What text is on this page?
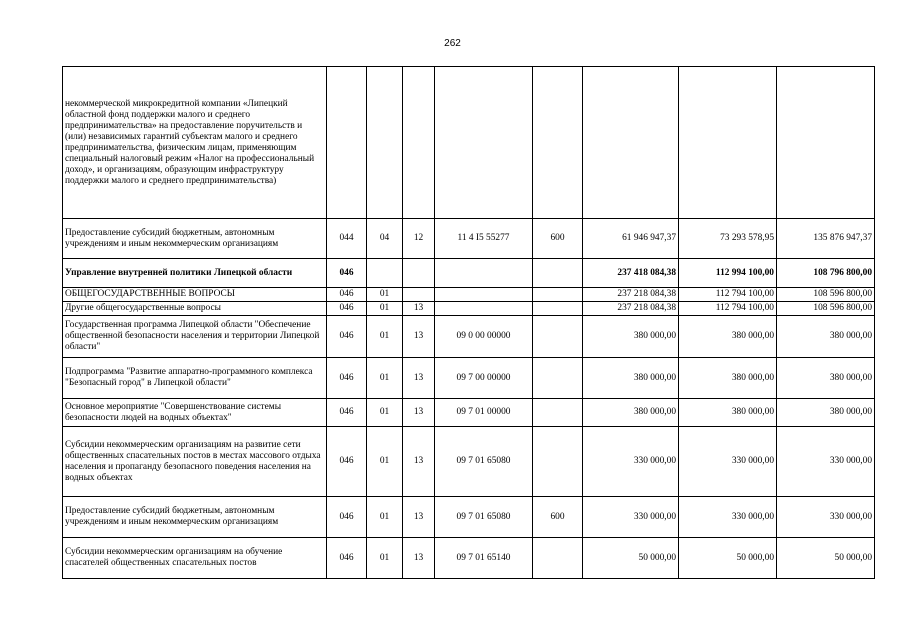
262
некоммерческой микрокредитной компании «Липецкий областной фонд поддержки малого и среднего предпринимательства» на предоставление поручительств и (или) независимых гарантий субъектам малого и среднего предпринимательства, физическим лицам, применяющим специальный налоговый режим «Налог на профессиональный доход», и организациям, образующим инфраструктуру поддержки малого и среднего предпринимательства)								
Предоставление субсидий бюджетным, автономным учреждениям и иным некоммерческим организациям	044	04	12	11 4 I5 55277	600	61 946 947,37	73 293 578,95	135 876 947,37
Управление внутренней политики Липецкой области	046					237 418 084,38	112 994 100,00	108 796 800,00
ОБЩЕГОСУДАРСТВЕННЫЕ ВОПРОСЫ	046	01				237 218 084,38	112 794 100,00	108 596 800,00
Другие общегосударственные вопросы	046	01	13			237 218 084,38	112 794 100,00	108 596 800,00
Государственная программа Липецкой области "Обеспечение общественной безопасности населения и территории Липецкой области"	046	01	13	09 0 00 00000		380 000,00	380 000,00	380 000,00
Подпрограмма "Развитие аппаратно-программного комплекса "Безопасный город" в Липецкой области"	046	01	13	09 7 00 00000		380 000,00	380 000,00	380 000,00
Основное мероприятие "Совершенствование системы безопасности людей на водных объектах"	046	01	13	09 7 01 00000		380 000,00	380 000,00	380 000,00
Субсидии некоммерческим организациям на развитие сети общественных спасательных постов в местах массового отдыха населения и пропаганду безопасного поведения населения на водных объектах	046	01	13	09 7 01 65080		330 000,00	330 000,00	330 000,00
Предоставление субсидий бюджетным, автономным учреждениям и иным некоммерческим организациям	046	01	13	09 7 01 65080	600	330 000,00	330 000,00	330 000,00
Субсидии некоммерческим организациям на обучение спасателей общественных спасательных постов	046	01	13	09 7 01 65140		50 000,00	50 000,00	50 000,00
